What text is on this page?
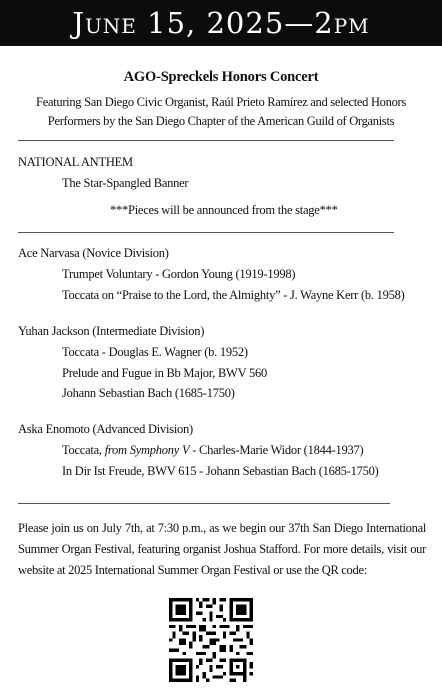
June 15, 2025—2pm
AGO-Spreckels Honors Concert
Featuring San Diego Civic Organist, Raúl Prieto Ramírez and selected Honors Performers by the San Diego Chapter of the American Guild of Organists
NATIONAL ANTHEM
The Star-Spangled Banner
***Pieces will be announced from the stage***
Ace Narvasa (Novice Division)
Trumpet Voluntary - Gordon Young (1919-1998)
Toccata on “Praise to the Lord, the Almighty” - J. Wayne Kerr (b. 1958)
Yuhan Jackson (Intermediate Division)
Toccata - Douglas E. Wagner (b. 1952)
Prelude and Fugue in Bb Major, BWV 560
Johann Sebastian Bach (1685-1750)
Aska Enomoto (Advanced Division)
Toccata, from Symphony V - Charles-Marie Widor (1844-1937)
In Dir Ist Freude, BWV 615 - Johann Sebastian Bach (1685-1750)
Please join us on July 7th, at 7:30 p.m., as we begin our 37th San Diego International Summer Organ Festival, featuring organist Joshua Stafford. For more details, visit our website at 2025 International Summer Organ Festival or use the QR code:
